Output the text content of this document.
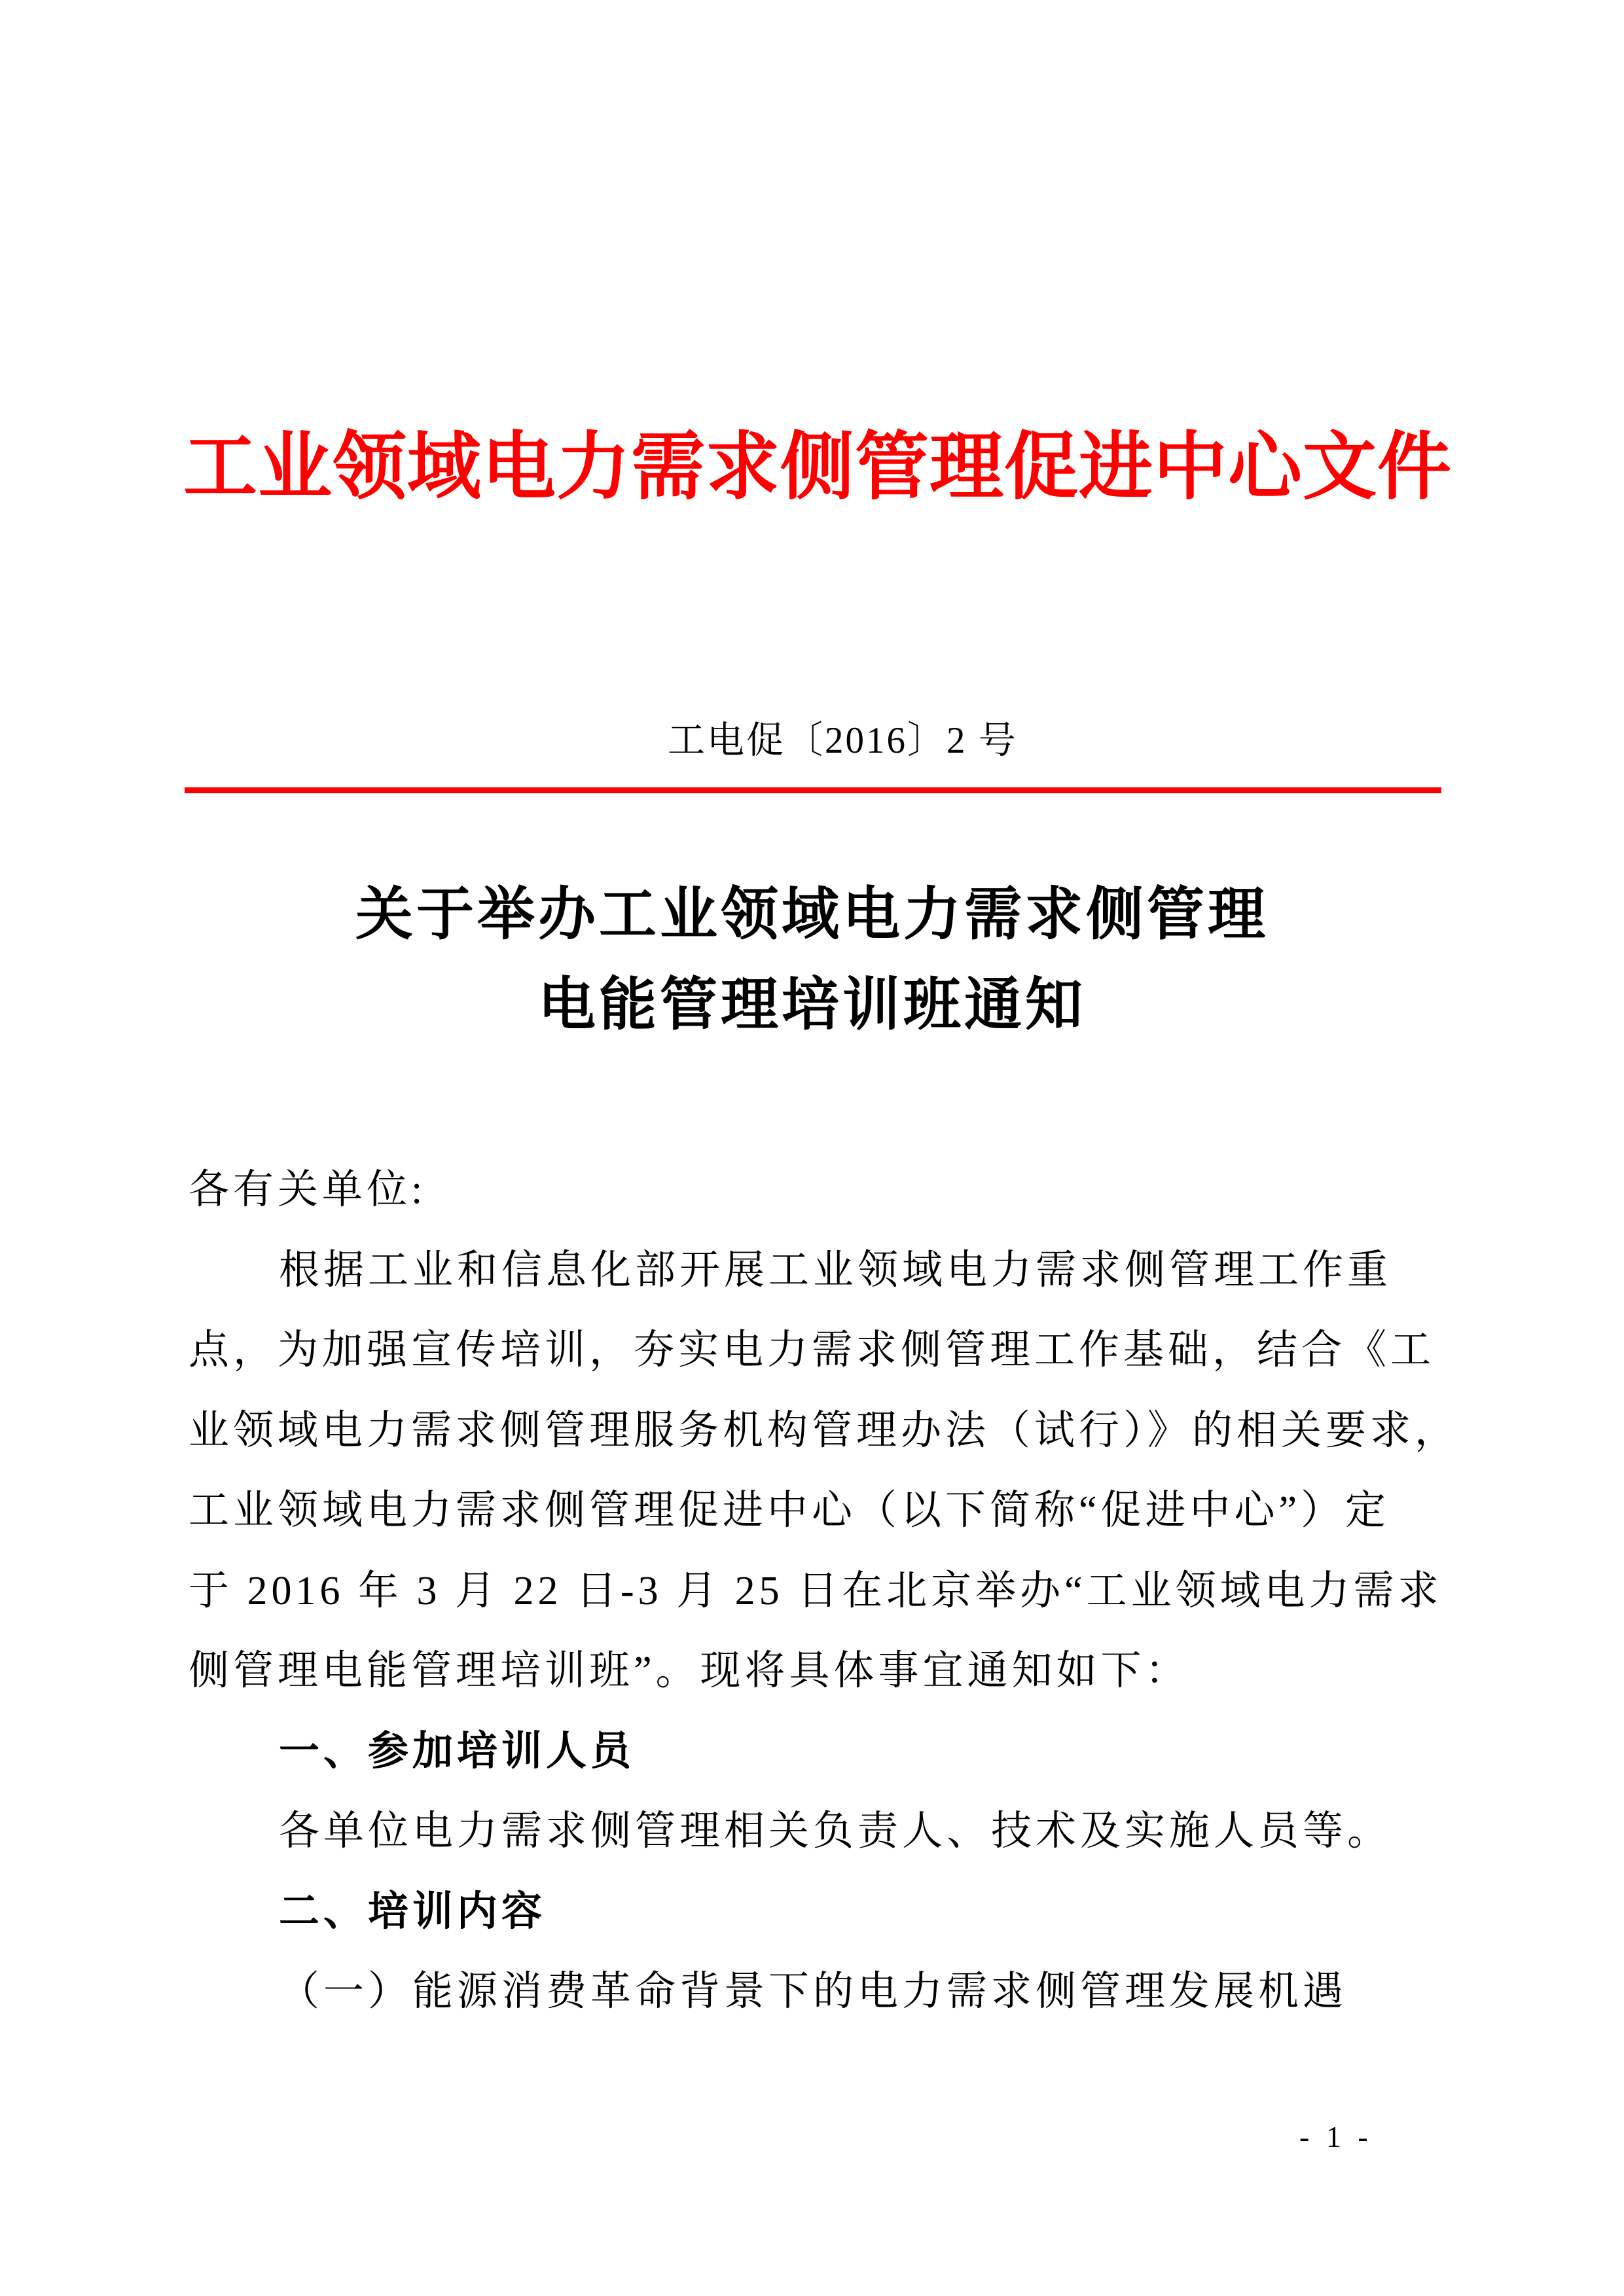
工业领域电力需求侧管理促进中心文件
工电促〔2016〕2 号
关于举办工业领域电力需求侧管理
电能管理培训班通知
各有关单位:
根据工业和信息化部开展工业领域电力需求侧管理工作重
点，为加强宣传培训，夯实电力需求侧管理工作基础，结合《工
业领域电力需求侧管理服务机构管理办法（试行）》的相关要求，
工业领域电力需求侧管理促进中心（以下简称“促进中心”）定
于 2016 年 3 月 22 日-3 月 25 日在北京举办“工业领域电力需求
侧管理电能管理培训班”。现将具体事宜通知如下：
一、参加培训人员
各单位电力需求侧管理相关负责人、技术及实施人员等。
二、培训内容
（一）能源消费革命背景下的电力需求侧管理发展机遇
- 1 -
